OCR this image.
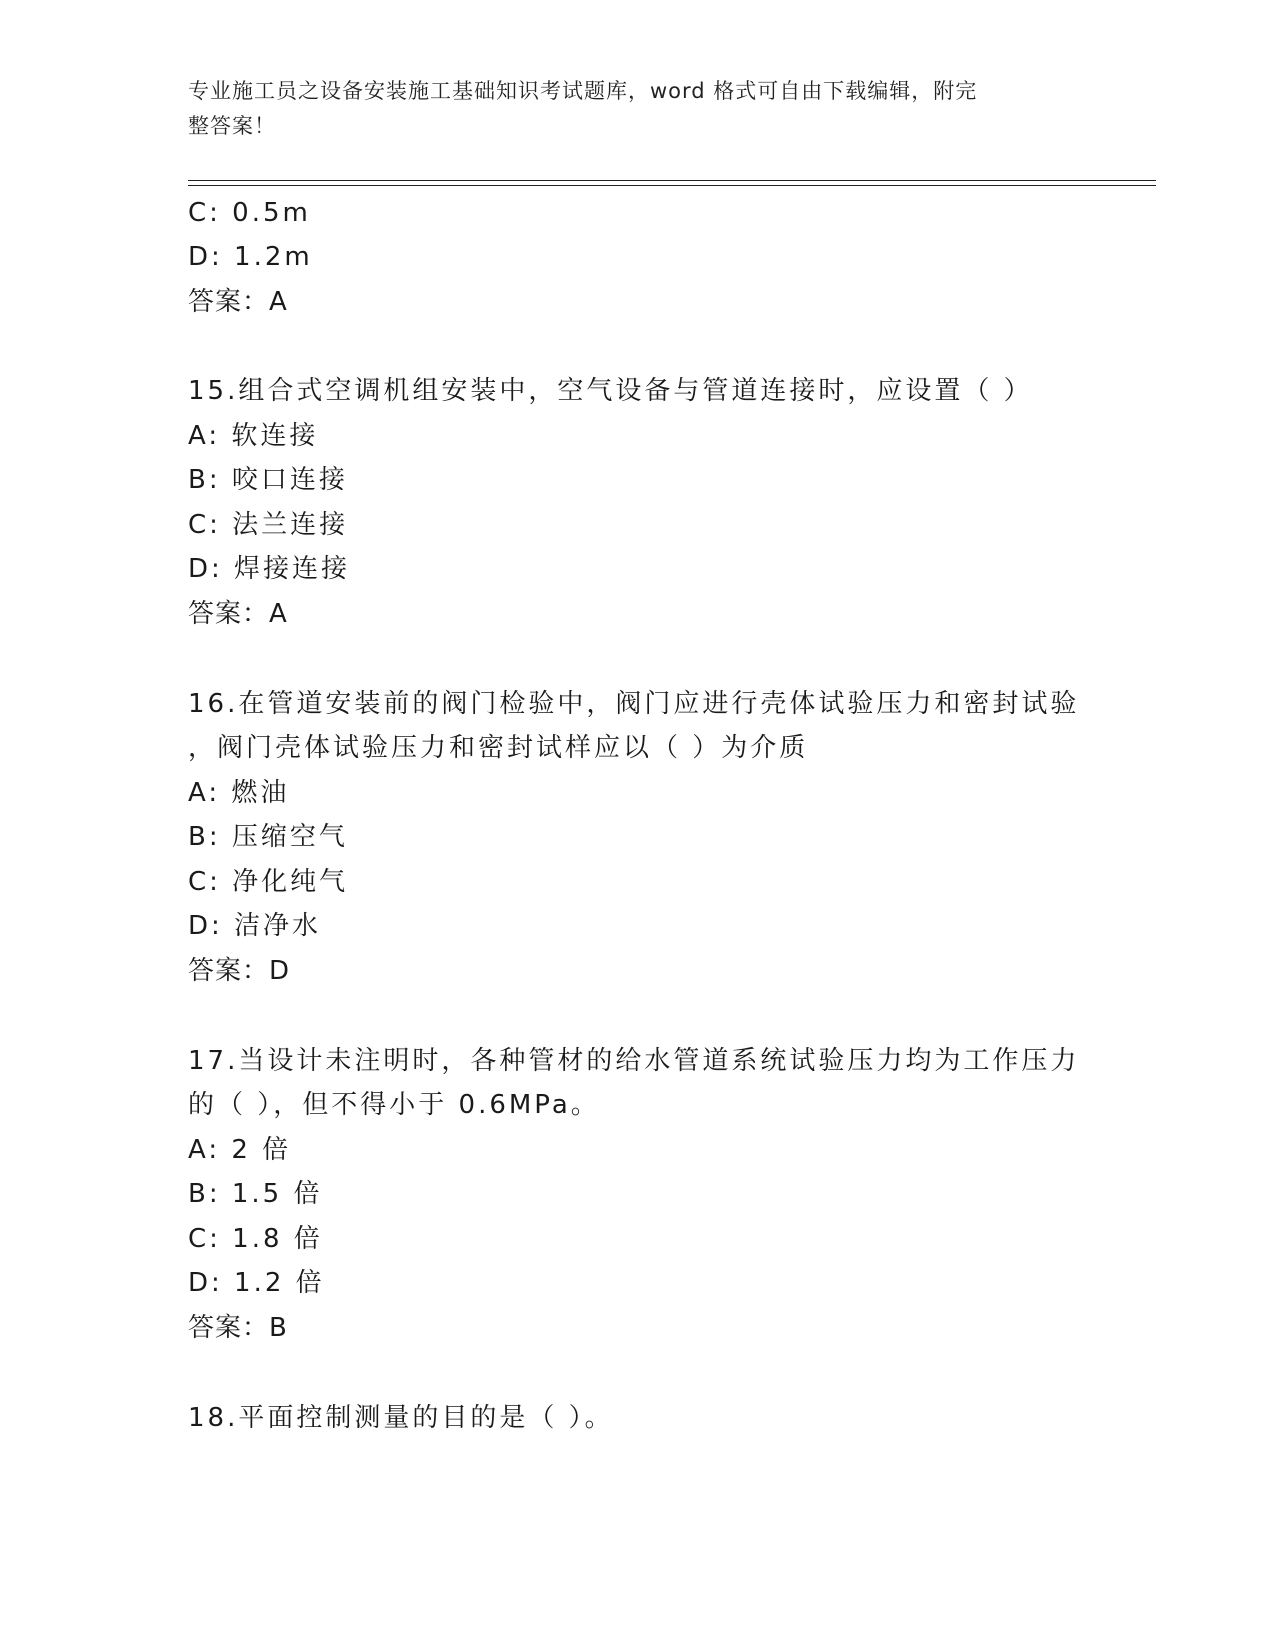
专业施工员之设备安装施工基础知识考试题库，word 格式可自由下载编辑，附完
整答案！
C: 0.5m
D: 1.2m
答案：A
15.组合式空调机组安装中，空气设备与管道连接时，应设置（ ）
A: 软连接
B: 咬口连接
C: 法兰连接
D: 焊接连接
答案：A
16.在管道安装前的阀门检验中，阀门应进行壳体试验压力和密封试验
，阀门壳体试验压力和密封试样应以（ ）为介质
A: 燃油
B: 压缩空气
C: 净化纯气
D: 洁净水
答案：D
17.当设计未注明时，各种管材的给水管道系统试验压力均为工作压力
的（ ），但不得小于 0.6MPa。
A: 2 倍
B: 1.5 倍
C: 1.8 倍
D: 1.2 倍
答案：B
18.平面控制测量的目的是（ ）。
